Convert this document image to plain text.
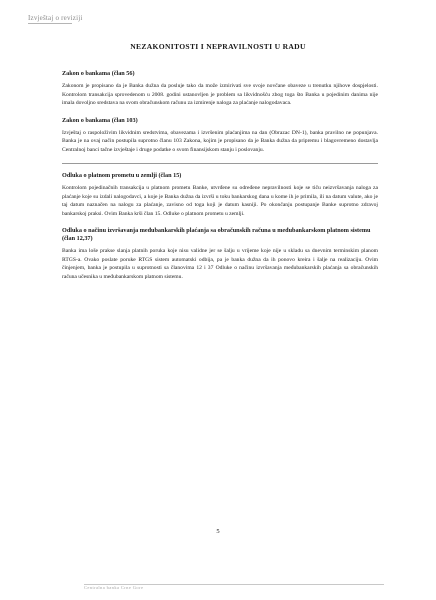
Izvještaj o reviziji
NEZAKONITOSTI I NEPRAVILNOSTI U RADU

Zakon o bankama (član 56)

Zakonom je propisano da je Banka dužna da posluje tako da može izmirivati sve svoje novčane obaveze u trenutku njihove dospjelosti. Kontrolom transakcija sprovedenom u 2008. godini ustanovljen je problem sa likvidnošću zbog toga što Banka u pojedinim danima nije imala dovoljno sredstava na svom obračunskom računu za izmirenje naloga za plaćanje nalogodavaca.

Zakon o bankama (član 103)

Izvještaj o raspoloživim likvidnim sredstvima, obavezama i izvršenim plaćanjima na dan (Obrazac DN-1), banka pravilno ne popunjava. Banka je na ovaj način postupila suprotno članu 103 Zakona, kojim je propisano da je Banka dužna da pripremu i blagovremeno dostavlja Centralnoj banci tačne izvještaje i druge podatke o svom finansijskom stanju i poslovanju.

Odluka o platnom prometu u zemlji (član 15)

Kontrolom pojedinačnih transakcija u platnom prometu Banke, utvrđene su određene nepravilnosti koje se tiču neizvršavanja naloga za plaćanje koje su izdali nalogodavci, a koje je Banka dužna da izvrši u toku bankarskog dana u kome ih je primila, ili na datum valute, ako je taj datum naznačen na nalogu za plaćanje, zavisno od toga koji je datum kasniji. Po okončanju postupanje Banke suprotno zdravoj bankarskoj praksi. Ovim Banka krši član 15. Odluke o platnom prometu u zemlji.

Odluka o načinu izvršavanja međubankarskih plaćanja sa obračunskih računa u međubankarskom platnom sistemu (član 12,37)

Banka ima loše prakse slanja platnih poruka koje nisu validne jer se šalju u vrijeme koje nije u skladu sa dnevnim terminskim planom RTGS-a. Ovako poslate poruke RTGS sistem automatski odbija, pa je banka dužna da ih ponovo kreira i šalje na realizaciju. Ovim činjenjem, banka je postupila u suprotnosti sa članovima 12 i 37 Odluke o načinu izvršavanja međubankarskih plaćanja sa obračunskih računa učesnika u međubankarskom platnom sistemu.

5
Centralna banka Crne Gore
